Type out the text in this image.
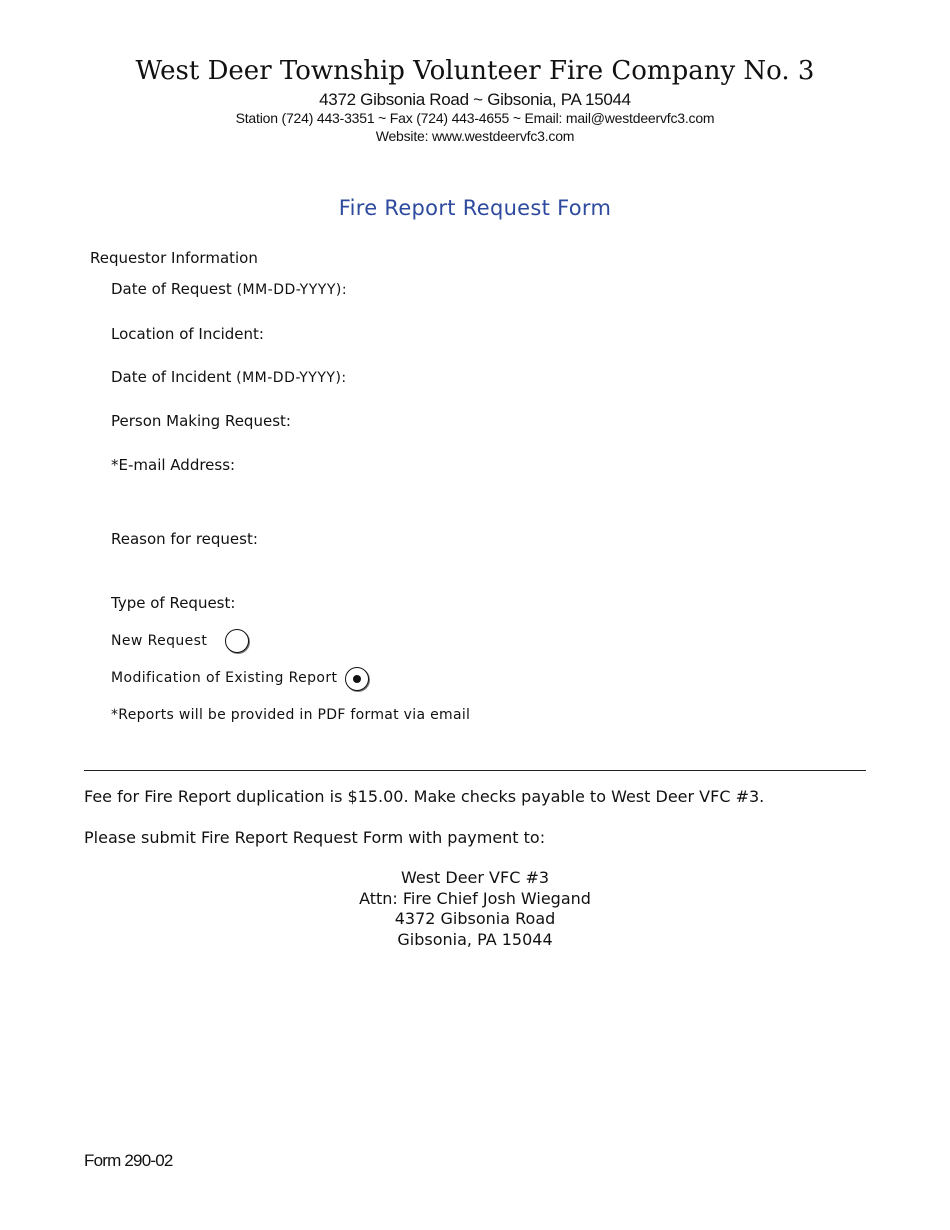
West Deer Township Volunteer Fire Company No. 3
4372 Gibsonia Road ~ Gibsonia, PA 15044
Station (724) 443-3351 ~ Fax (724) 443-4655 ~ Email: mail@westdeervfc3.com
Website: www.westdeervfc3.com
Fire Report Request Form
Requestor Information
Date of Request (MM-DD-YYYY):
Location of Incident:
Date of Incident (MM-DD-YYYY):
Person Making Request:
*E-mail Address:
Reason for request:
Type of Request:
New Request
Modification of Existing Report
*Reports will be provided in PDF format via email
Fee for Fire Report duplication is $15.00. Make checks payable to West Deer VFC #3.
Please submit Fire Report Request Form with payment to:
West Deer VFC #3
Attn: Fire Chief Josh Wiegand
4372 Gibsonia Road
Gibsonia, PA 15044
Form 290-02
